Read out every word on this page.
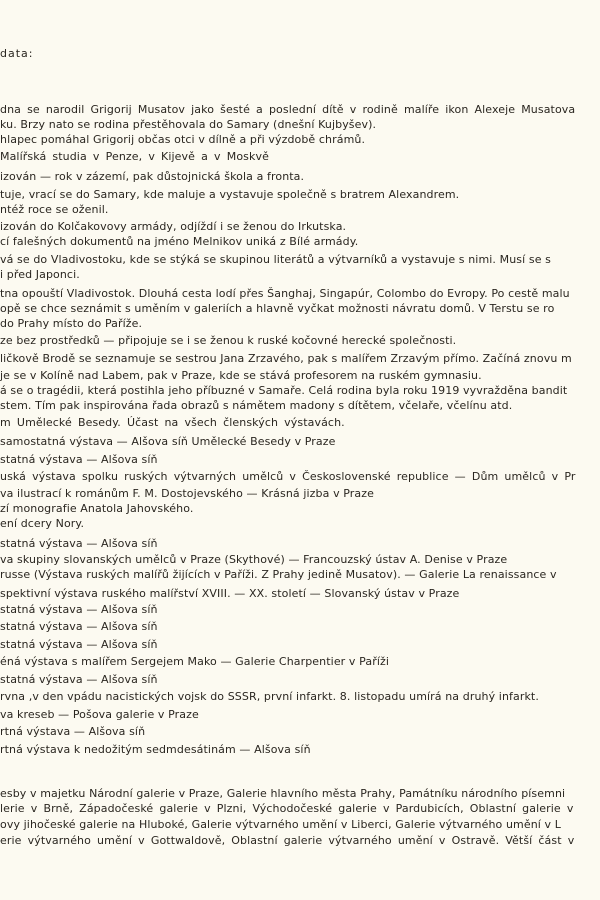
data:
dna se narodil Grigorij Musatov jako šesté a poslední dítě v rodině malíře ikon Alexeje Musatova
ku. Brzy nato se rodina přestěhovala do Samary (dnešní Kujbyšev).
hlapec pomáhal Grigorij občas otci v dílně a při výzdobě chrámů.
Malířská studia v Penze, v Kijevě a v Moskvě
izován — rok v zázemí, pak důstojnická škola a fronta.
tuje, vrací se do Samary, kde maluje a vystavuje společně s bratrem Alexandrem.
ntéž roce se oženil.
izován do Kolčakovovy armády, odjíždí i se ženou do Irkutska.
cí falešných dokumentů na jméno Melnikov uniká z Bílé armády.
vá se do Vladivostoku, kde se stýká se skupinou literátů a výtvarníků a vystavuje s nimi. Musí se s
i před Japonci.
tna opouští Vladivostok. Dlouhá cesta lodí přes Šanghaj, Singapúr, Colombo do Evropy. Po cestě malu
opě se chce seznámit s uměním v galeriích a hlavně vyčkat možnosti návratu domů. V Terstu se ro
do Prahy místo do Paříže.
ze bez prostředků — připojuje se i se ženou k ruské kočovné herecké společnosti.
ličkově Brodě se seznamuje se sestrou Jana Zrzavého, pak s malířem Zrzavým přímo. Začíná znovu m
je se v Kolíně nad Labem, pak v Praze, kde se stává profesorem na ruském gymnasiu.
á se o tragédii, která postihla jeho příbuzné v Samaře. Celá rodina byla roku 1919 vyvražděna bandit
stem. Tím pak inspirována řada obrazů s námětem madony s dítětem, včelaře, včelínu atd.
m Umělecké Besedy. Účast na všech členských výstavách.
samostatná výstava — Alšova síň Umělecké Besedy v Praze
statná výstava — Alšova síň
uská výstava spolku ruských výtvarných umělců v Československé republice — Dům umělců v Pr
va ilustrací k románům F. M. Dostojevského — Krásná jizba v Praze
zí monografie Anatola Jahovského.
ení dcery Nory.
statná výstava — Alšova síň
va skupiny slovanských umělců v Praze (Skythové) — Francouzský ústav A. Denise v Praze
russe (Výstava ruských malířů žijících v Paříži. Z Prahy jedině Musatov). — Galerie La renaissance v
spektivní výstava ruského malířství XVIII. — XX. století — Slovanský ústav v Praze
statná výstava — Alšova síň
statná výstava — Alšova síň
statná výstava — Alšova síň
éná výstava s malířem Sergejem Mako — Galerie Charpentier v Paříži
statná výstava — Alšova síň
rvna ,v den vpádu nacistických vojsk do SSSR, první infarkt. 8. listopadu umírá na druhý infarkt.
va kreseb — Pošova galerie v Praze
rtná výstava — Alšova síň
rtná výstava k nedožitým sedmdesátinám — Alšova síň
esby v majetku Národní galerie v Praze, Galerie hlavního města Prahy, Památníku národního písemni
lerie v Brně, Západočeské galerie v Plzni, Východočeské galerie v Pardubicích, Oblastní galerie v
ovy jihočeské galerie na Hluboké, Galerie výtvarného umění v Liberci, Galerie výtvarného umění v L
erie výtvarného umění v Gottwaldově, Oblastní galerie výtvarného umění v Ostravě. Větší část v
